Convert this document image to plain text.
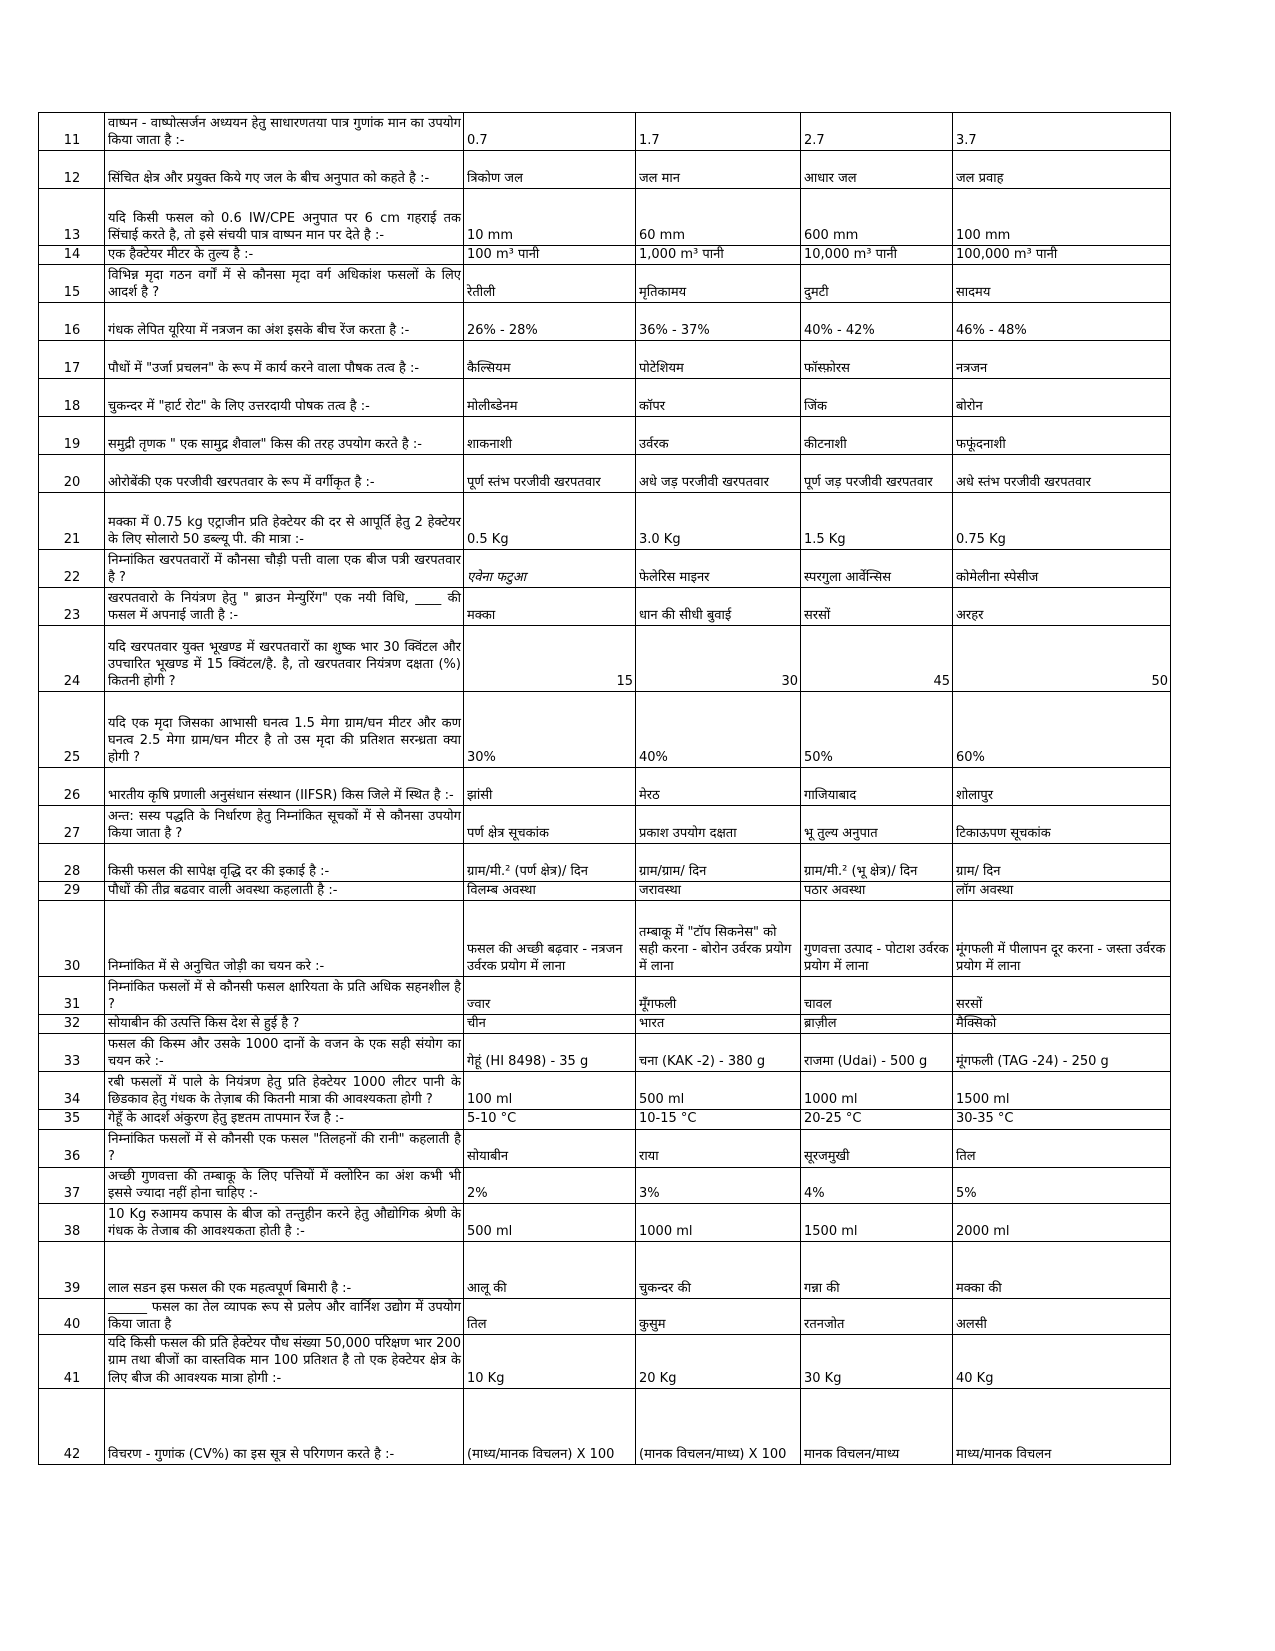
11	वाष्पन - वाष्पोत्सर्जन अध्ययन हेतु साधारणतया पात्र गुणांक मान का उपयोग किया जाता है :-	0.7	1.7	2.7	3.7
12	सिंचित क्षेत्र और प्रयुक्त किये गए जल के बीच अनुपात को कहते है :-	त्रिकोण जल	जल मान	आधार जल	जल प्रवाह
13	यदि किसी फसल को 0.6 IW/CPE अनुपात पर 6 cm गहराई तक सिंचाई करते है, तो इसे संचयी पात्र वाष्पन मान पर देते है :-	10 mm	60 mm	600 mm	100 mm
14	एक हैक्टेयर मीटर के तुल्य है :-	100 m³ पानी	1,000 m³ पानी	10,000 m³ पानी	100,000 m³ पानी
15	विभिन्न मृदा गठन वर्गों में से कौनसा मृदा वर्ग अधिकांश फसलों के लिए आदर्श है ?	रेतीली	मृतिकामय	दुमटी	सादमय
16	गंधक लेपित यूरिया में नत्रजन का अंश इसके बीच रेंज करता है :-	26% - 28%	36% - 37%	40% - 42%	46% - 48%
17	पौधों में "उर्जा प्रचलन" के रूप में कार्य करने वाला पौषक तत्व है :-	कैल्सियम	पोटेशियम	फॉस्फ़ोरस	नत्रजन
18	चुकन्दर में "हार्ट रोट" के लिए उत्तरदायी पोषक तत्व है :-	मोलीब्डेनम	कॉपर	जिंक	बोरोन
19	समुद्री तृणक " एक सामुद्र शैवाल" किस की तरह उपयोग करते है :-	शाकनाशी	उर्वरक	कीटनाशी	फफूंदनाशी
20	ओरोबेंकी एक परजीवी खरपतवार के रूप में वर्गीकृत है :-	पूर्ण स्तंभ परजीवी खरपतवार	अधे जड़ परजीवी खरपतवार	पूर्ण जड़ परजीवी खरपतवार	अधे स्तंभ परजीवी खरपतवार
21	मक्का में 0.75 kg एट्राजीन प्रति हेक्टेयर की दर से आपूर्ति हेतु 2 हेक्टेयर के लिए सोलारो 50 डब्ल्यू पी. की मात्रा :-	0.5 Kg	3.0 Kg	1.5 Kg	0.75 Kg
22	निम्नांकित खरपतवारों में कौनसा चौड़ी पत्ती वाला एक बीज पत्री खरपतवार है ?	एवेना फटुआ	फेलेरिस माइनर	स्परगुला आर्वेन्सिस	कोमेलीना स्पेसीज
23	खरपतवारो के नियंत्रण हेतु " ब्राउन मेन्युरिंग" एक नयी विधि, ____ की फसल में अपनाई जाती है :-	मक्का	धान की सीधी बुवाई	सरसों	अरहर
24	यदि खरपतवार युक्त भूखण्ड में खरपतवारों का शुष्क भार 30 क्विंटल और उपचारित भूखण्ड में 15 क्विंटल/है. है, तो खरपतवार नियंत्रण दक्षता (%) कितनी होगी ?	15	30	45	50
25	यदि एक मृदा जिसका आभासी घनत्व 1.5 मेगा ग्राम/घन मीटर और कण घनत्व 2.5 मेगा ग्राम/घन मीटर है तो उस मृदा की प्रतिशत सरन्ध्रता क्या होगी ?	30%	40%	50%	60%
26	भारतीय कृषि प्रणाली अनुसंधान संस्थान (IIFSR) किस जिले में स्थित है :-	झांसी	मेरठ	गाजियाबाद	शोलापुर
27	अन्त: सस्य पद्धति के निर्धारण हेतु निम्नांकित सूचकों में से कौनसा उपयोग किया जाता है ?	पर्ण क्षेत्र सूचकांक	प्रकाश उपयोग दक्षता	भू तुल्य अनुपात	टिकाऊपण सूचकांक
28	किसी फसल की सापेक्ष वृद्धि दर की इकाई है :-	ग्राम/मी.² (पर्ण क्षेत्र)/ दिन	ग्राम/ग्राम/ दिन	ग्राम/मी.² (भू क्षेत्र)/ दिन	ग्राम/ दिन
29	पौधों की तीव्र बढवार वाली अवस्था कहलाती है :-	विलम्ब अवस्था	जरावस्था	पठार अवस्था	लॉग अवस्था
30	निम्नांकित में से अनुचित जोड़ी का चयन करे :-	फसल की अच्छी बढ़वार - नत्रजन उर्वरक प्रयोग में लाना	तम्बाकू में "टॉप सिकनेस" को सही करना - बोरोन उर्वरक प्रयोग में लाना	गुणवत्ता उत्पाद - पोटाश उर्वरक प्रयोग में लाना	मूंगफली में पीलापन दूर करना - जस्ता उर्वरक प्रयोग में लाना
31	निम्नांकित फसलों में से कौनसी फसल क्षारियता के प्रति अधिक सहनशील है ?	ज्वार	मूँगफली	चावल	सरसों
32	सोयाबीन की उत्पत्ति किस देश से हुई है ?	चीन	भारत	ब्राज़ील	मैक्सिको
33	फसल की किस्म और उसके 1000 दानों के वजन के एक सही संयोग का चयन करे :-	गेहूं (HI 8498) - 35 g	चना (KAK -2) - 380 g	राजमा (Udai) - 500 g	मूंगफली (TAG -24) - 250 g
34	रबी फसलों में पाले के नियंत्रण हेतु प्रति हेक्टेयर 1000 लीटर पानी के छिडकाव हेतु गंधक के तेज़ाब की कितनी मात्रा की आवश्यकता होगी ?	100 ml	500 ml	1000 ml	1500 ml
35	गेहूँ के आदर्श अंकुरण हेतु इष्टतम तापमान रेंज है :-	5-10 °C	10-15 °C	20-25 °C	30-35 °C
36	निम्नांकित फसलों में से कौनसी एक फसल "तिलहनों की रानी" कहलाती है ?	सोयाबीन	राया	सूरजमुखी	तिल
37	अच्छी गुणवत्ता की तम्बाकू के लिए पत्तियों में क्लोरिन का अंश कभी भी इससे ज्यादा नहीं होना चाहिए :-	2%	3%	4%	5%
38	10 Kg रुआमय कपास के बीज को तन्तुहीन करने हेतु औद्योगिक श्रेणी के गंधक के तेजाब की आवश्यकता होती है :-	500 ml	1000 ml	1500 ml	2000 ml
39	लाल सडन इस फसल की एक महत्वपूर्ण बिमारी है :-	आलू की	चुकन्दर की	गन्ना की	मक्का की
40	______ फसल का तेल व्यापक रूप से प्रलेप और वार्निश उद्योग में उपयोग किया जाता है	तिल	कुसुम	रतनजोत	अलसी
41	यदि किसी फसल की प्रति हेक्टेयर पौध संख्या 50,000 परिक्षण भार 200 ग्राम तथा बीजों का वास्तविक मान 100 प्रतिशत है तो एक हेक्टेयर क्षेत्र के लिए बीज की आवश्यक मात्रा होगी :-	10 Kg	20 Kg	30 Kg	40 Kg
42	विचरण - गुणांक (CV%) का इस सूत्र से परिगणन करते है :-	(माध्य/मानक विचलन) X 100	(मानक विचलन/माध्य) X 100	मानक विचलन/माध्य	माध्य/मानक विचलन
